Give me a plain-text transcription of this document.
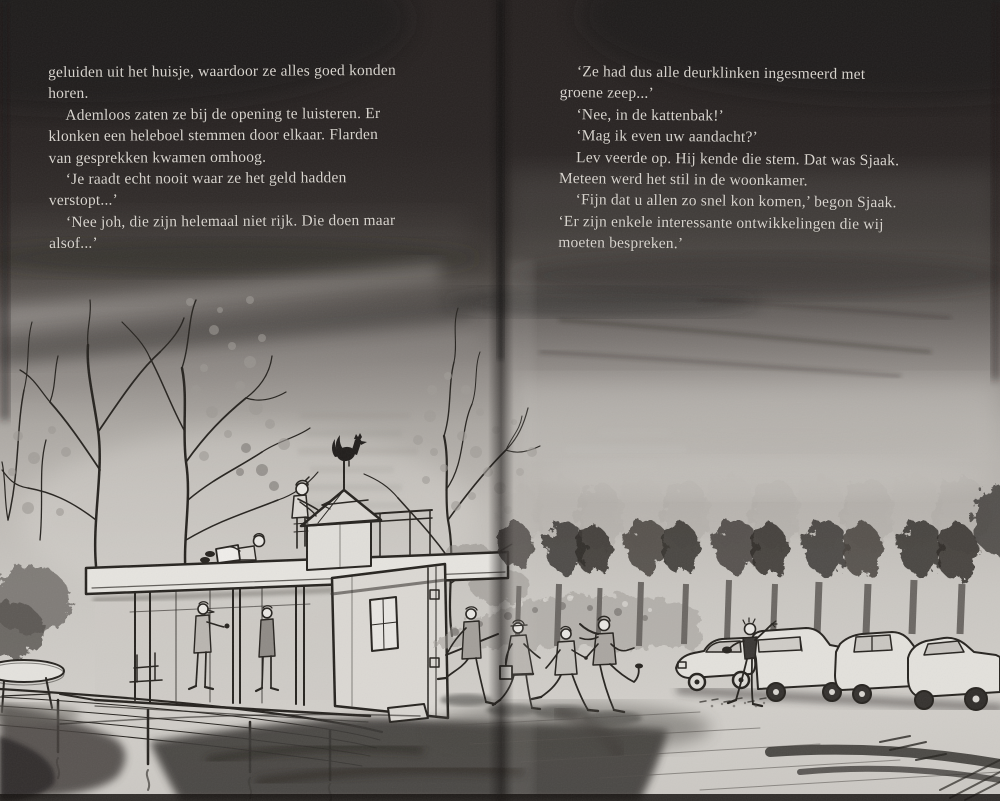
geluiden uit het huisje, waardoor ze alles goed konden
horen.
Ademloos zaten ze bij de opening te luisteren. Er
klonken een heleboel stemmen door elkaar. Flarden
van gesprekken kwamen omhoog.
‘Je raadt echt nooit waar ze het geld hadden
verstopt...’
‘Nee joh, die zijn helemaal niet rijk. Die doen maar
alsof...’
‘Ze had dus alle deurklinken ingesmeerd met
groene zeep...’
‘Nee, in de kattenbak!’
‘Mag ik even uw aandacht?’
Lev veerde op. Hij kende die stem. Dat was Sjaak.
Meteen werd het stil in de woonkamer.
‘Fijn dat u allen zo snel kon komen,’ begon Sjaak.
‘Er zijn enkele interessante ontwikkelingen die wij
moeten bespreken.’
